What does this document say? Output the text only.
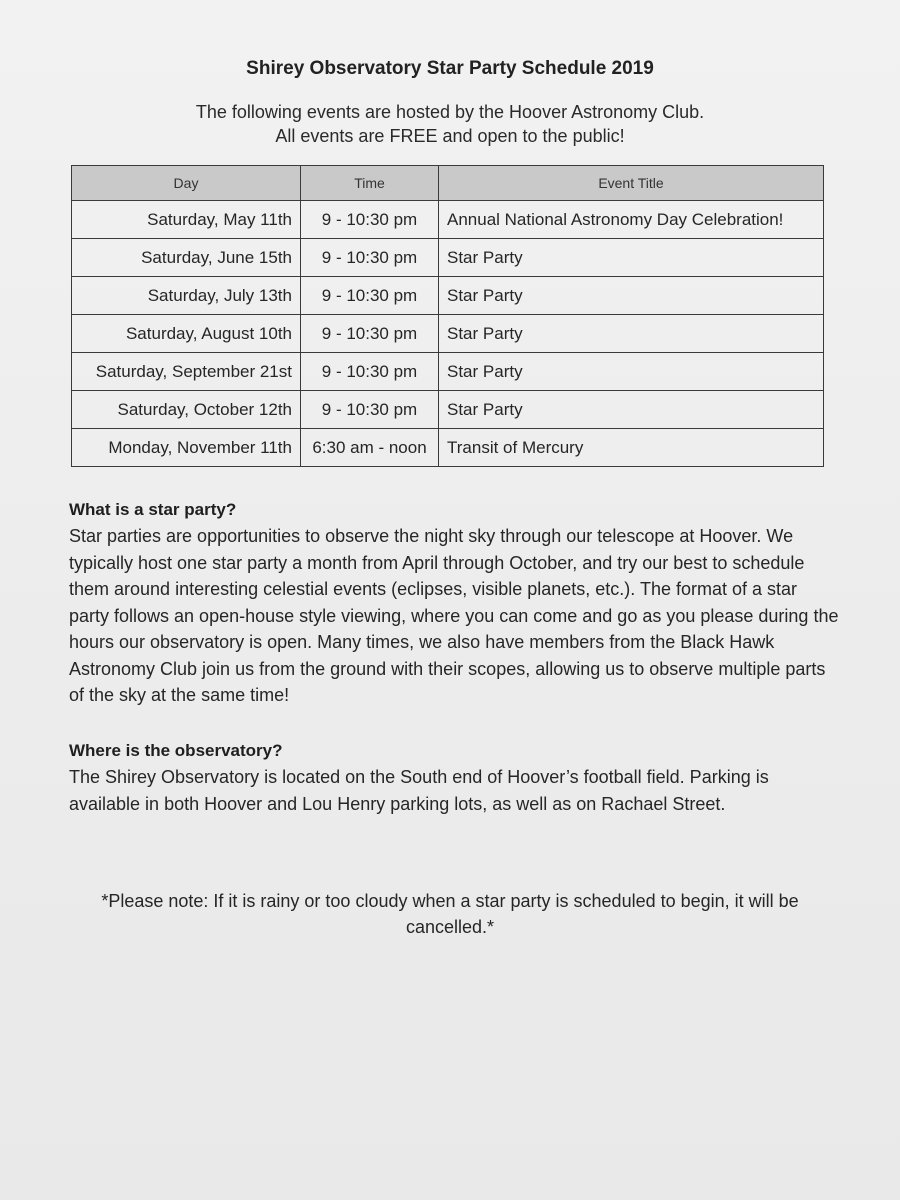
Shirey Observatory Star Party Schedule 2019
The following events are hosted by the Hoover Astronomy Club.
All events are FREE and open to the public!
Day	Time	Event Title
Saturday, May 11th	9 - 10:30 pm	Annual National Astronomy Day Celebration!
Saturday, June 15th	9 - 10:30 pm	Star Party
Saturday, July 13th	9 - 10:30 pm	Star Party
Saturday, August 10th	9 - 10:30 pm	Star Party
Saturday, September 21st	9 - 10:30 pm	Star Party
Saturday, October 12th	9 - 10:30 pm	Star Party
Monday, November 11th	6:30 am - noon	Transit of Mercury
What is a star party?

Star parties are opportunities to observe the night sky through our telescope at Hoover. We typically host one star party a month from April through October, and try our best to schedule them around interesting celestial events (eclipses, visible planets, etc.). The format of a star party follows an open-house style viewing, where you can come and go as you please during the hours our observatory is open. Many times, we also have members from the Black Hawk Astronomy Club join us from the ground with their scopes, allowing us to observe multiple parts of the sky at the same time!

Where is the observatory?

The Shirey Observatory is located on the South end of Hoover’s football field. Parking is available in both Hoover and Lou Henry parking lots, as well as on Rachael Street.

*Please note: If it is rainy or too cloudy when a star party is scheduled to begin, it will be cancelled.*
